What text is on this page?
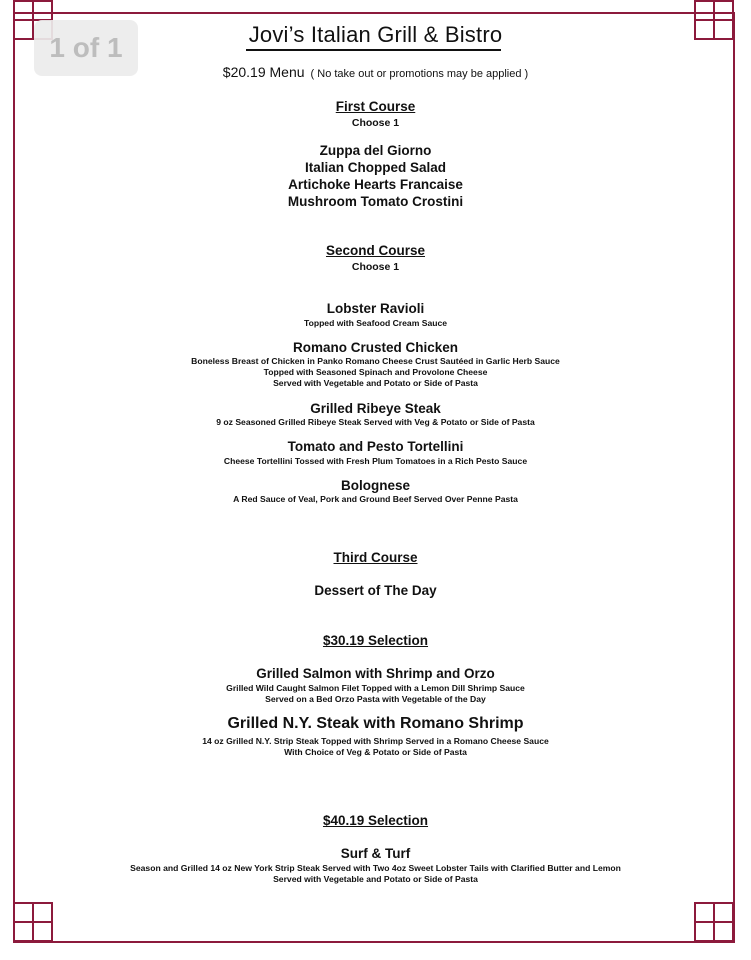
Jovi’s Italian Grill & Bistro
$20.19 Menu ( No take out or promotions may be applied )
First Course
Choose 1
Zuppa del Giorno
Italian Chopped Salad
Artichoke Hearts Francaise
Mushroom Tomato Crostini
Second Course
Choose 1
Lobster Ravioli
Topped with Seafood Cream Sauce
Romano Crusted Chicken
Boneless Breast of Chicken in Panko Romano Cheese Crust Sautéed in Garlic Herb Sauce
Topped with Seasoned Spinach and Provolone Cheese
Served with Vegetable and Potato or Side of Pasta
Grilled Ribeye Steak
9 oz Seasoned Grilled Ribeye Steak Served with Veg & Potato or Side of Pasta
Tomato and Pesto Tortellini
Cheese Tortellini Tossed with Fresh Plum Tomatoes in a Rich Pesto Sauce
Bolognese
A Red Sauce of Veal, Pork and Ground Beef Served Over Penne Pasta
Third Course
Dessert of The Day
$30.19 Selection
Grilled Salmon with Shrimp and Orzo
Grilled Wild Caught Salmon Filet Topped with a Lemon Dill Shrimp Sauce
Served on a Bed Orzo Pasta with Vegetable of the Day
Grilled N.Y. Steak with Romano Shrimp
14 oz Grilled N.Y. Strip Steak Topped with Shrimp Served in a Romano Cheese Sauce
With Choice of Veg & Potato or Side of Pasta
$40.19 Selection
Surf & Turf
Season and Grilled 14 oz New York Strip Steak Served with Two 4oz Sweet Lobster Tails with Clarified Butter and Lemon
Served with Vegetable and Potato or Side of Pasta
1 of 1
